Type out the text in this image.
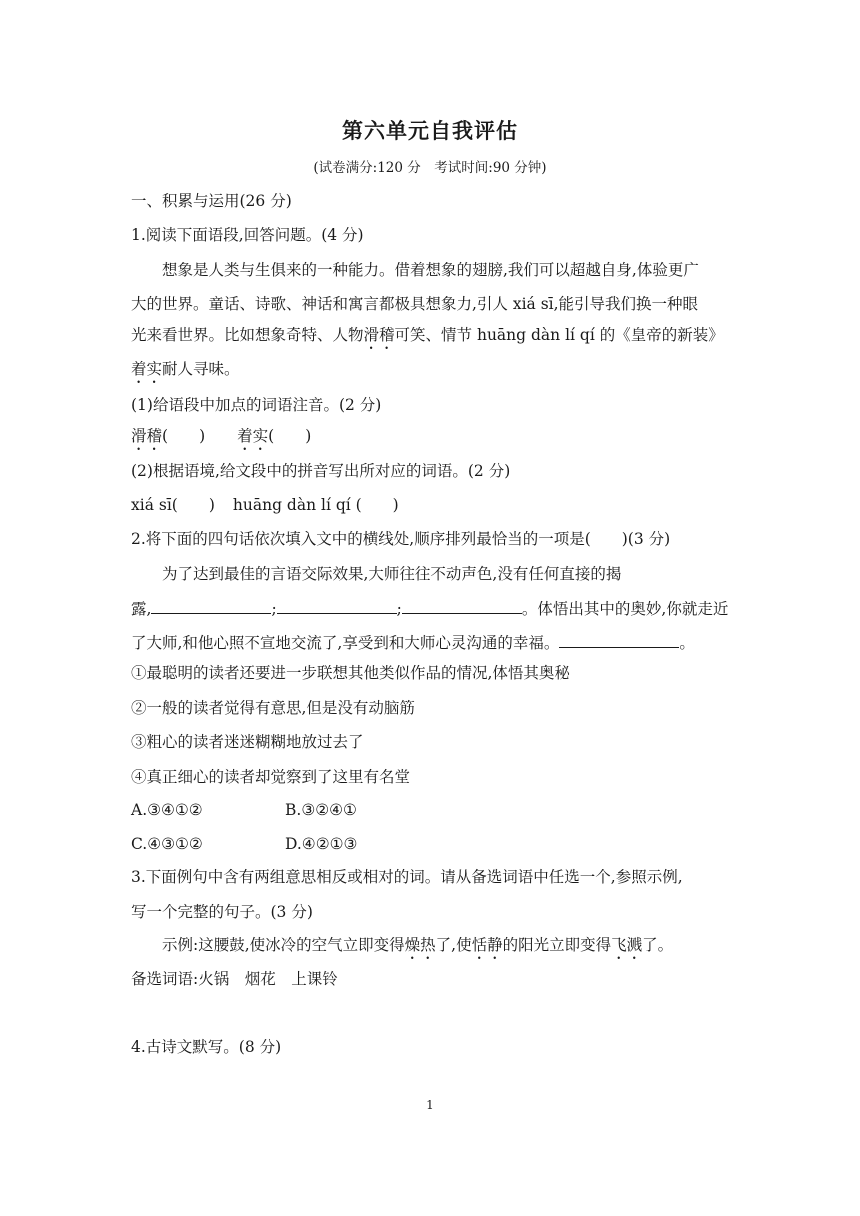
第六单元自我评估

(试卷满分:120 分　考试时间:90 分钟)

一、积累与运用(26 分)

1.阅读下面语段,回答问题。(4 分)

想象是人类与生俱来的一种能力。借着想象的翅膀,我们可以超越自身,体验更广

大的世界。童话、诗歌、神话和寓言都极具想象力,引人 xiá sī,能引导我们换一种眼

光来看世界。比如想象奇特、人物滑稽可笑、情节 huāng dàn lí qí 的《皇帝的新装》

着实耐人寻味。

(1)给语段中加点的词语注音。(2 分)

滑稽(　　) 着实(　　)

(2)根据语境,给文段中的拼音写出所对应的词语。(2 分)

xiá sī(　　) huāng dàn lí qí (　　)

2.将下面的四句话依次填入文中的横线处,顺序排列最恰当的一项是(　　)(3 分)

为了达到最佳的言语交际效果,大师往往不动声色,没有任何直接的揭

露,	;	;	。体悟出其中的奥妙,你就走近

了大师,和他心照不宣地交流了,享受到和大师心灵沟通的幸福。	。

①最聪明的读者还要进一步联想其他类似作品的情况,体悟其奥秘

②一般的读者觉得有意思,但是没有动脑筋

③粗心的读者迷迷糊糊地放过去了

④真正细心的读者却觉察到了这里有名堂

A.③④①②	B.③②④①

C.④③①②	D.④②①③

3.下面例句中含有两组意思相反或相对的词。请从备选词语中任选一个,参照示例,

写一个完整的句子。(3 分)

示例:这腰鼓,使冰冷的空气立即变得燥热了,使恬静的阳光立即变得飞溅了。

备选词语:火锅　烟花　上课铃

4.古诗文默写。(8 分)

1
